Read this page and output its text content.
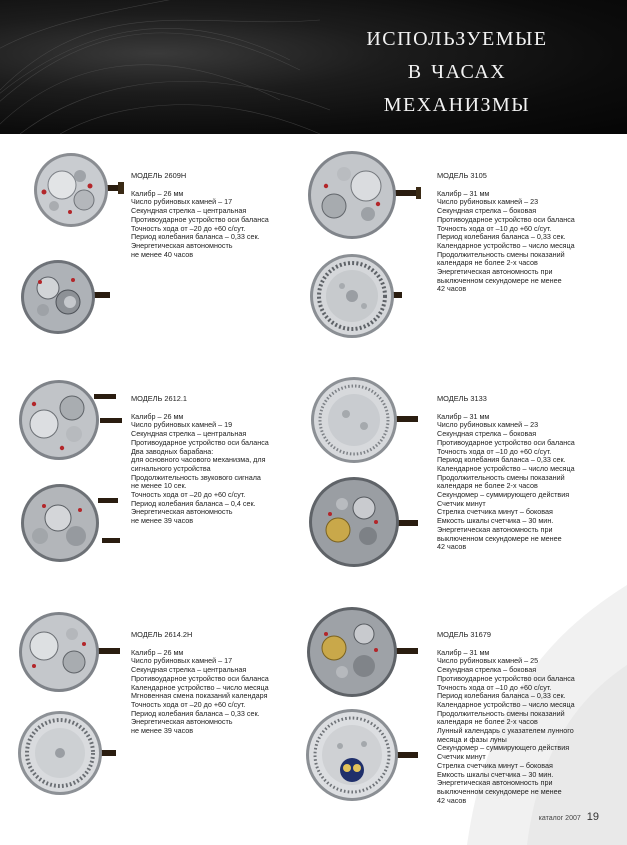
используемые
в часах
механизмы
МОДЕЛЬ 2609Н
Калибр – 26 мм
Число рубиновых камней – 17
Секундная стрелка – центральная
Противоударное устройство оси баланса
Точность хода от –20 до +60 с/сут.
Период колебания баланса – 0,33 сек.
Энергетическая автономность
не менее 40 часов
МОДЕЛЬ 3105
Калибр – 31 мм
Число рубиновых камней – 23
Секундная стрелка – боковая
Противоударное устройство оси баланса
Точность хода от –10 до +60 с/сут.
Период колебания баланса – 0,33 сек.
Календарное устройство – число месяца
Продолжительность смены показаний
календаря не более 2-х часов
Энергетическая автономность при
выключенном секундомере не менее
42 часов
МОДЕЛЬ 2612.1
Калибр – 26 мм
Число рубиновых камней – 19
Секундная стрелка – центральная
Противоударное устройство оси баланса
Два заводных барабана:
для основного часового механизма, для
сигнального устройства
Продолжительность звукового сигнала
не менее 10 сек.
Точность хода от –20 до +60 с/сут.
Период колебания баланса – 0,4 сек.
Энергетическая автономность
не менее 39 часов
МОДЕЛЬ 3133
Калибр – 31 мм
Число рубиновых камней – 23
Секундная стрелка – боковая
Противоударное устройство оси баланса
Точность хода от –10 до +60 с/сут.
Период колебания баланса – 0,33 сек.
Календарное устройство – число месяца
Продолжительность смены показаний
календаря не более 2-х часов
Секундомер – суммирующего действия
Счетчик минут
Стрелка счетчика минут – боковая
Емкость шкалы счетчика – 30 мин.
Энергетическая автономность при
выключенном секундомере не менее
42 часов
МОДЕЛЬ 2614.2Н
Калибр – 26 мм
Число рубиновых камней – 17
Секундная стрелка – центральная
Противоударное устройство оси баланса
Календарное устройство – число месяца
Мгновенная смена показаний календаря
Точность хода от –20 до +60 с/сут.
Период колебания баланса – 0,33 сек.
Энергетическая автономность
не менее 39 часов
МОДЕЛЬ 31679
Калибр – 31 мм
Число рубиновых камней – 25
Секундная стрелка – боковая
Противоударное устройство оси баланса
Точность хода от –10 до +60 с/сут.
Период колебания баланса – 0,33 сек.
Календарное устройство – число месяца
Продолжительность смены показаний
календаря не более 2-х часов
Лунный календарь с указателем лунного
месяца и фазы луны
Секундомер – суммирующего действия
Счетчик минут
Стрелка счетчика минут – боковая
Емкость шкалы счетчика – 30 мин.
Энергетическая автономность при
выключенном секундомере не менее
42 часов
каталог 2007 19
